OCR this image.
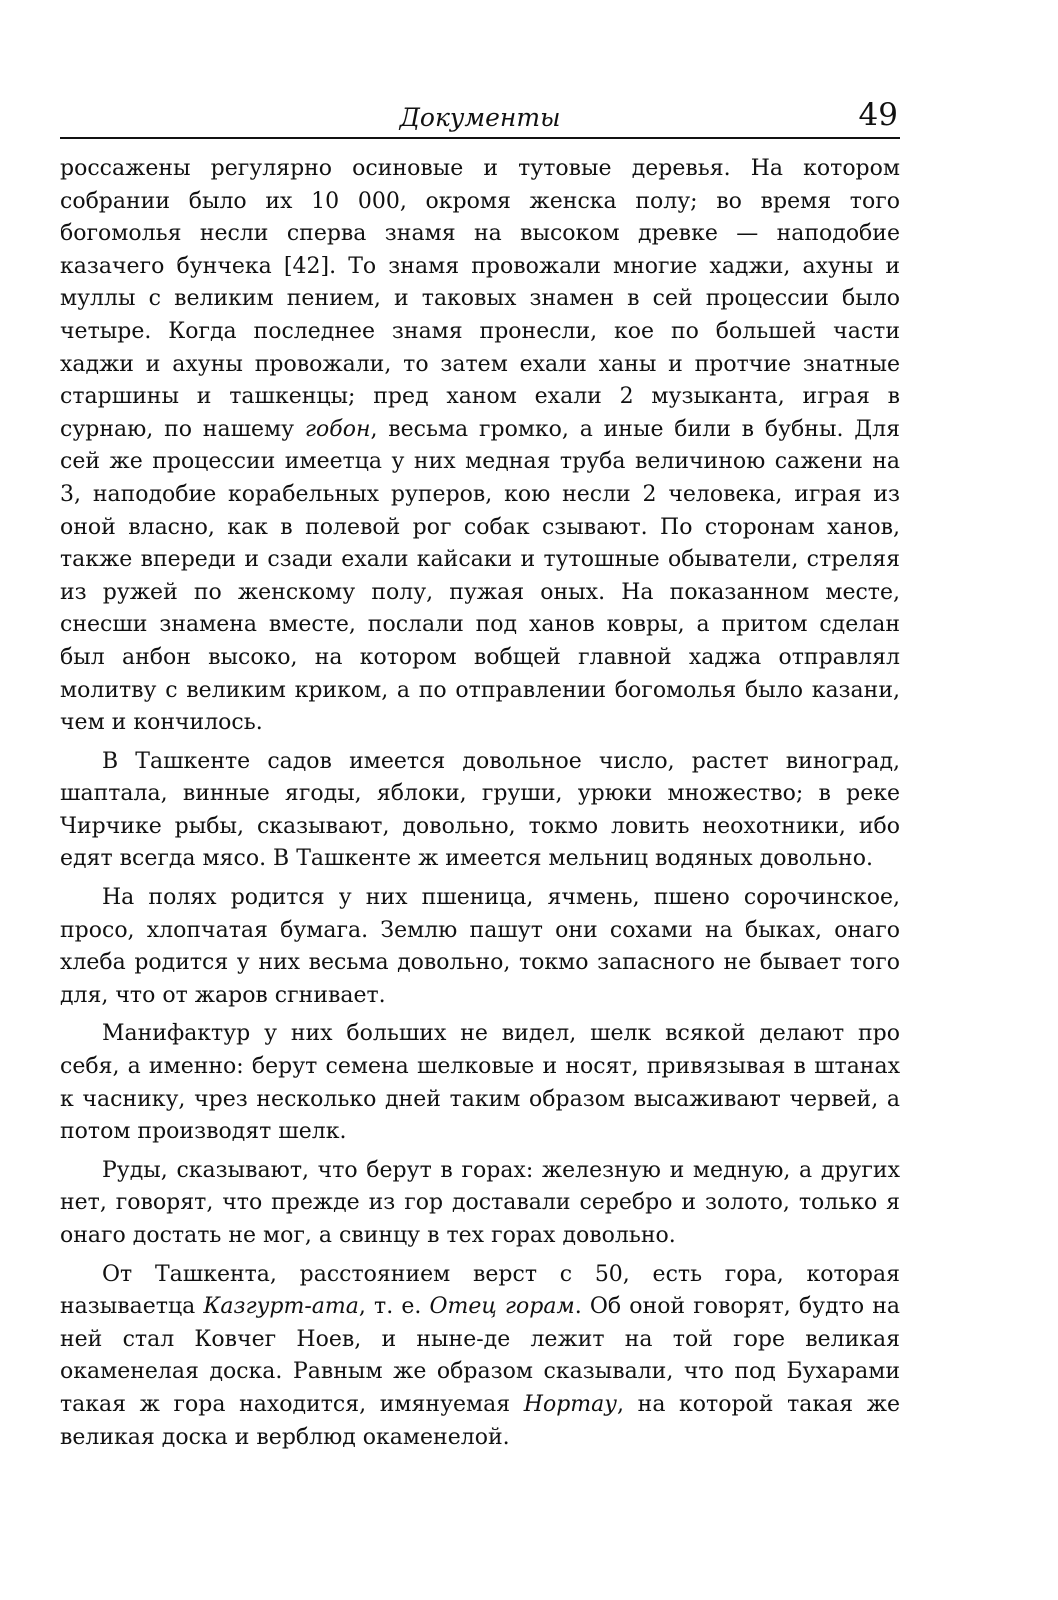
Документы	49

россажены регулярно осиновые и тутовые деревья. На котором собрании было их 10 000, окромя женска полу; во время того богомолья несли сперва знамя на высоком древке — наподобие казачего бунчека [42]. То знамя провожали многие хаджи, ахуны и муллы с великим пением, и таковых знамен в сей процессии было четыре. Когда последнее знамя пронесли, кое по большей части хаджи и ахуны провожали, то затем ехали ханы и протчие знатные старшины и ташкенцы; пред ханом ехали 2 музыканта, играя в сурнаю, по нашему гобон, весьма громко, а иные били в бубны. Для сей же процессии имеетца у них медная труба величиною сажени на 3, наподобие корабельных руперов, кою несли 2 человека, играя из оной власно, как в полевой рог собак сзывают. По сторонам ханов, также впереди и сзади ехали кайсаки и тутошные обыватели, стреляя из ружей по женскому полу, пужая оных. На показанном месте, снесши знамена вместе, послали под ханов ковры, а притом сделан был анбон высоко, на котором вобщей главной хаджа отправлял молитву с великим криком, а по отправлении богомолья было казани, чем и кончилось.

В Ташкенте садов имеется довольное число, растет виноград, шаптала, винные ягоды, яблоки, груши, урюки множество; в реке Чирчике рыбы, сказывают, довольно, токмо ловить неохотники, ибо едят всегда мясо. В Ташкенте ж имеется мельниц водяных довольно.

На полях родится у них пшеница, ячмень, пшено сорочинское, просо, хлопчатая бумага. Землю пашут они сохами на быках, онаго хлеба родится у них весьма довольно, токмо запасного не бывает того для, что от жаров сгнивает.

Манифактур у них больших не видел, шелк всякой делают про себя, а именно: берут семена шелковые и носят, привязывая в штанах к часнику, чрез несколько дней таким образом высаживают червей, а потом производят шелк.

Руды, сказывают, что берут в горах: железную и медную, а других нет, говорят, что прежде из гор доставали серебро и золото, только я онаго достать не мог, а свинцу в тех горах довольно.

От Ташкента, расстоянием верст с 50, есть гора, которая называетца Казгурт-ата, т. е. Отец горам. Об оной говорят, будто на ней стал Ковчег Ноев, и ныне-де лежит на той горе великая окаменелая доска. Равным же образом сказывали, что под Бухарами такая ж гора находится, имянуемая Нортау, на которой такая же великая доска и верблюд окаменелой.
